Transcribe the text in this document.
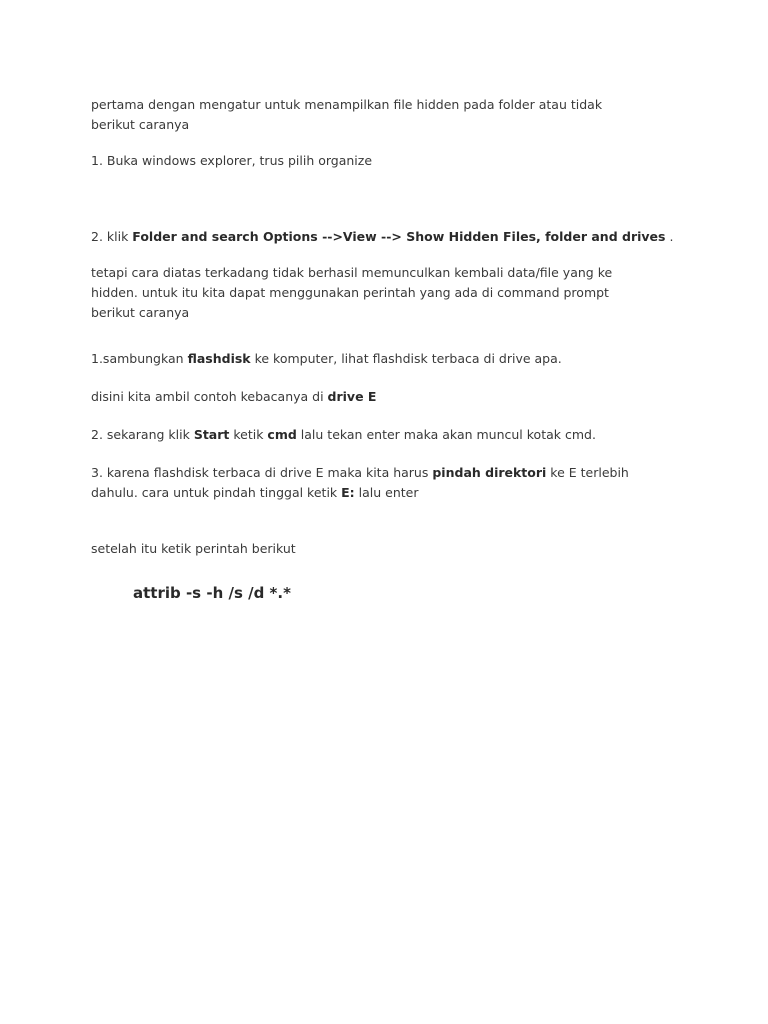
pertama dengan mengatur untuk menampilkan file hidden pada folder atau tidak
berikut caranya

1. Buka windows explorer, trus pilih organize

2. klik Folder and search Options -->View --> Show Hidden Files, folder and drives .

tetapi cara diatas terkadang tidak berhasil memunculkan kembali data/file yang ke
hidden. untuk itu kita dapat menggunakan perintah yang ada di command prompt
berikut caranya

1.sambungkan flashdisk ke komputer, lihat flashdisk terbaca di drive apa.

disini kita ambil contoh kebacanya di drive E

2. sekarang klik Start ketik cmd lalu tekan enter maka akan muncul kotak cmd.

3. karena flashdisk terbaca di drive E maka kita harus pindah direktori ke E terlebih
dahulu. cara untuk pindah tinggal ketik E: lalu enter

setelah itu ketik perintah berikut

attrib -s -h /s /d *.*
